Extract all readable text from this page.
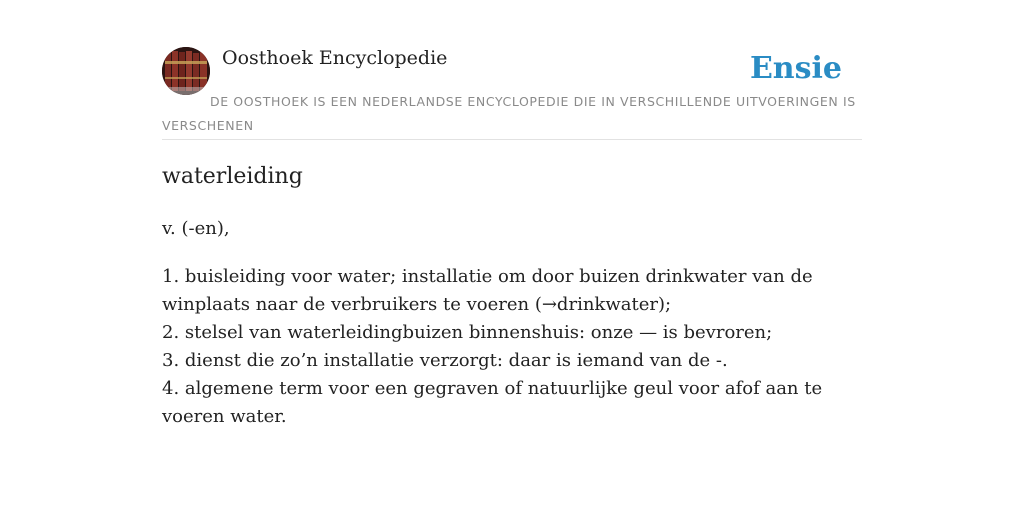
Oosthoek Encyclopedie	Ensie
DE OOSTHOEK IS EEN NEDERLANDSE ENCYCLOPEDIE DIE IN VERSCHILLENDE UITVOERINGEN IS VERSCHENEN
waterleiding
v. (-en),
1. buisleiding voor water; installatie om door buizen drinkwater van de winplaats naar de verbruikers te voeren (→drinkwater);
2. stelsel van waterleidingbuizen binnenshuis: onze — is bevroren;
3. dienst die zo’n installatie verzorgt: daar is iemand van de -.
4. algemene term voor een gegraven of natuurlijke geul voor afof aan te voeren water.
